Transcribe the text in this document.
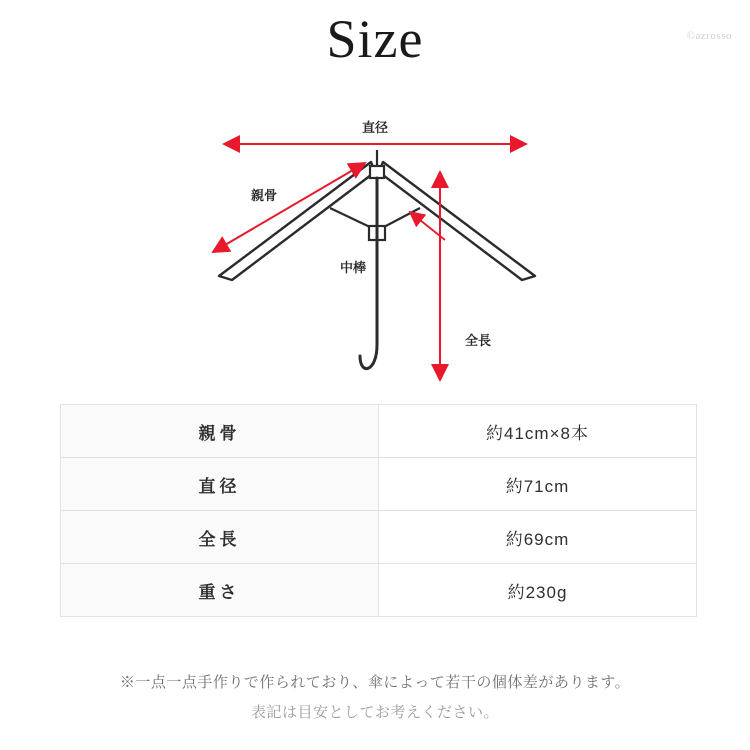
Size	©azrosso
直径
親骨
中棒
全長
親骨	約41cm×8本
直径	約71cm
全長	約69cm
重さ	約230g
※一点一点手作りで作られており、傘によって若干の個体差があります。
表記は目安としてお考えください。
